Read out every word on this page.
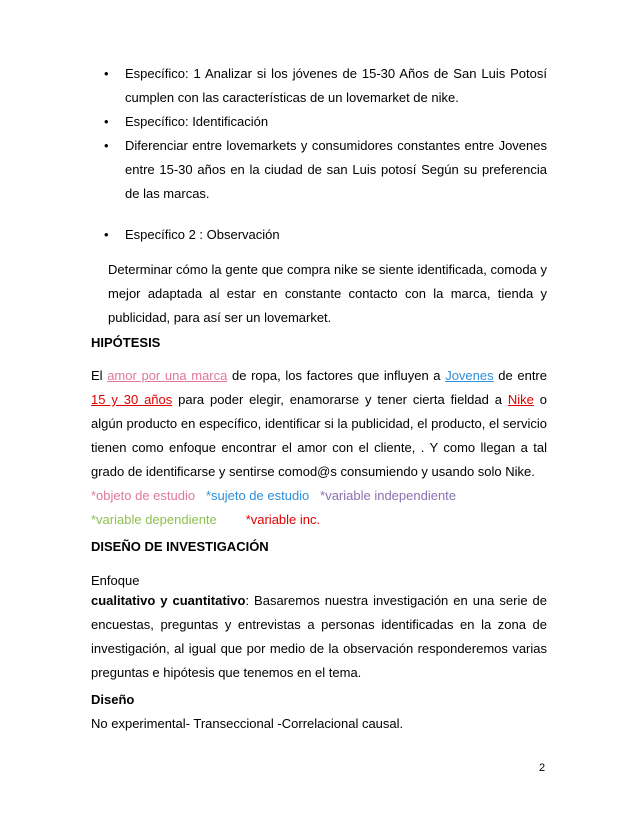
• Específico: 1 Analizar si los jóvenes de 15-30 Años de San Luis Potosí cumplen con las características de un lovemarket de nike.
• Específico: Identificación
• Diferenciar entre lovemarkets y consumidores constantes entre Jovenes entre 15-30 años en la ciudad de san Luis potosí Según su preferencia de las marcas.
• Específico 2 : Observación

Determinar cómo la gente que compra nike se siente identificada, comoda y mejor adaptada al estar en constante contacto con la marca, tienda y publicidad, para así ser un lovemarket.

HIPÓTESIS

El amor por una marca de ropa, los factores que influyen a Jovenes de entre 15 y 30 años para poder elegir, enamorarse y tener cierta fieldad a Nike o algún producto en específico, identificar si la publicidad, el producto, el servicio tienen como enfoque encontrar el amor con el cliente, . Y como llegan a tal grado de identificarse y sentirse comod@s consumiendo y usando solo Nike.

*objeto de estudio *sujeto de estudio *variable independiente
*variable dependiente *variable inc.

DISEÑO DE INVESTIGACIÓN

Enfoque

cualitativo y cuantitativo: Basaremos nuestra investigación en una serie de encuestas, preguntas y entrevistas a personas identificadas en la zona de investigación, al igual que por medio de la observación responderemos varias preguntas e hipótesis que tenemos en el tema.

Diseño

No experimental- Transeccional -Correlacional causal.

2
